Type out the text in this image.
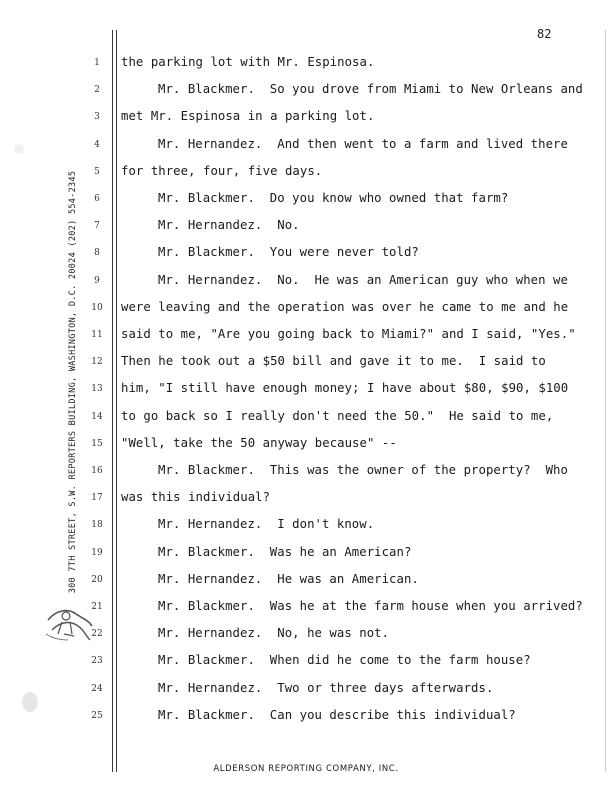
82
300 7TH STREET, S.W. REPORTERS BUILDING, WASHINGTON, D.C. 20024 (202) 554-2345
1	the parking lot with Mr. Espinosa.
2	Mr. Blackmer.  So you drove from Miami to New Orleans and
3	met Mr. Espinosa in a parking lot.
4	Mr. Hernandez.  And then went to a farm and lived there
5	for three, four, five days.
6	Mr. Blackmer.  Do you know who owned that farm?
7	Mr. Hernandez.  No.
8	Mr. Blackmer.  You were never told?
9	Mr. Hernandez.  No.  He was an American guy who when we
10	were leaving and the operation was over he came to me and he
11	said to me, "Are you going back to Miami?" and I said, "Yes."
12	Then he took out a $50 bill and gave it to me.  I said to
13	him, "I still have enough money; I have about $80, $90, $100
14	to go back so I really don't need the 50."  He said to me,
15	"Well, take the 50 anyway because" --
16	Mr. Blackmer.  This was the owner of the property?  Who
17	was this individual?
18	Mr. Hernandez.  I don't know.
19	Mr. Blackmer.  Was he an American?
20	Mr. Hernandez.  He was an American.
21	Mr. Blackmer.  Was he at the farm house when you arrived?
22	Mr. Hernandez.  No, he was not.
23	Mr. Blackmer.  When did he come to the farm house?
24	Mr. Hernandez.  Two or three days afterwards.
25	Mr. Blackmer.  Can you describe this individual?
ALDERSON REPORTING COMPANY, INC.
